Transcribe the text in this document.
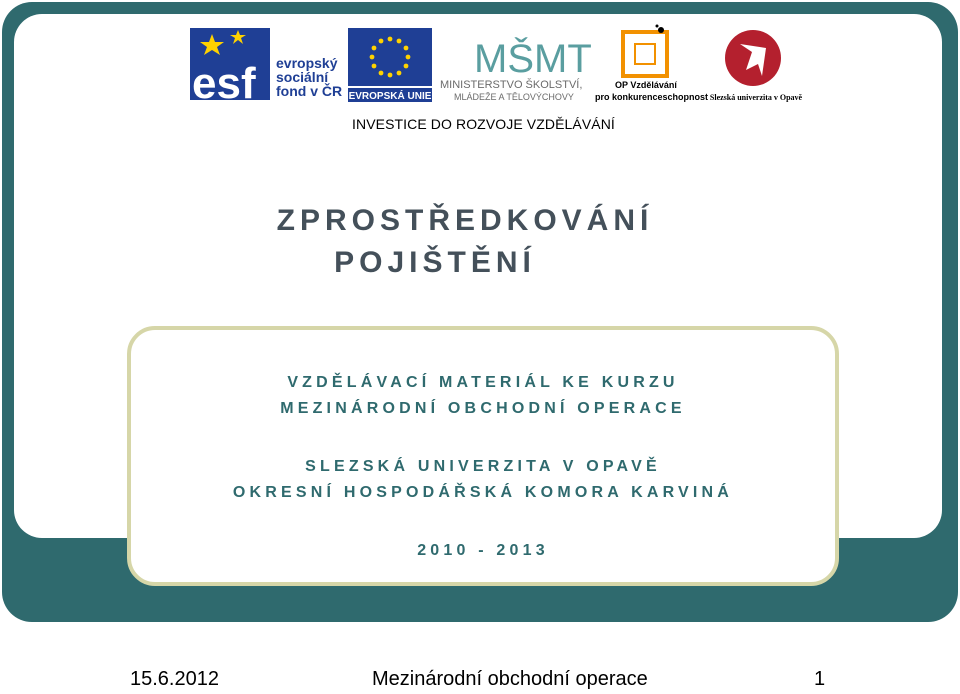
esf evropský
sociální
fond v ČR EVROPSKÁ UNIE
MŠMT
MINISTERSTVO ŠKOLSTVÍ,
MLÁDEŽE A TĚLOVÝCHOVY
OP Vzdělávání
pro konkurenceschopnost Slezská univerzita v Opavě
INVESTICE DO ROZVOJE VZDĚLÁVÁNÍ
ZPROSTŘEDKOVÁNÍ
POJIŠTĚNÍ
VZDĚLÁVACÍ MATERIÁL KE KURZU
MEZINÁRODNÍ OBCHODNÍ OPERACE
SLEZSKÁ UNIVERZITA V OPAVĚ
OKRESNÍ HOSPODÁŘSKÁ KOMORA KARVINÁ
2010 - 2013
15.6.2012	Mezinárodní obchodní operace	1
